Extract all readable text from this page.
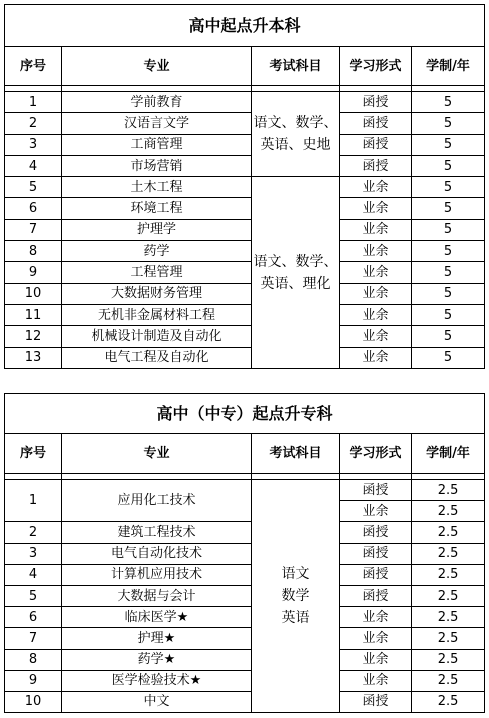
高中起点升本科				
序号	专业	考试科目	学习形式	学制/年

1	学前教育	语文、数学、英语、史地	函授	5
2	汉语言文学		函授	5
3	工商管理		函授	5
4	市场营销		函授	5
5	土木工程	语文、数学、英语、理化	业余	5
6	环境工程		业余	5
7	护理学		业余	5
8	药学		业余	5
9	工程管理		业余	5
10	大数据财务管理		业余	5
11	无机非金属材料工程		业余	5
12	机械设计制造及自动化		业余	5
13	电气工程及自动化		业余	5
高中（中专）起点升专科				
序号	专业	考试科目	学习形式	学制/年

1	应用化工技术	语文
数学
英语	函授	2.5
			业余	2.5
2	建筑工程技术		函授	2.5
3	电气自动化技术		函授	2.5
4	计算机应用技术		函授	2.5
5	大数据与会计		函授	2.5
6	临床医学★		业余	2.5
7	护理★		业余	2.5
8	药学★		业余	2.5
9	医学检验技术★		业余	2.5
10	中文		函授	2.5
